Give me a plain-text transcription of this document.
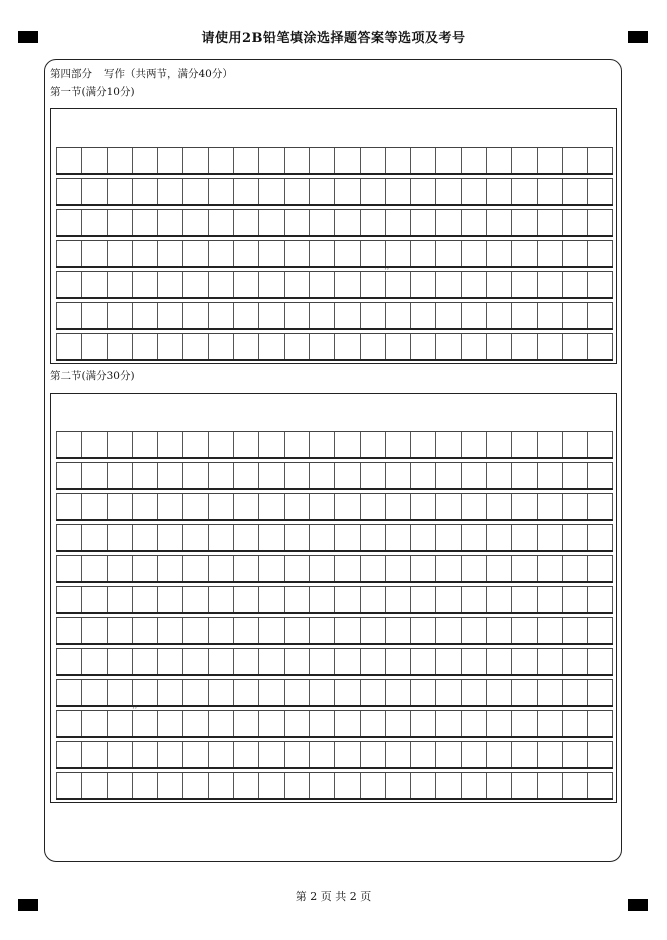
请使用2B铅笔填涂选择题答案等选项及考号
第四部分 写作（共两节，满分40分）
第一节(满分10分)
??
第二节(满分30分)
??
第 2 页 共 2 页
